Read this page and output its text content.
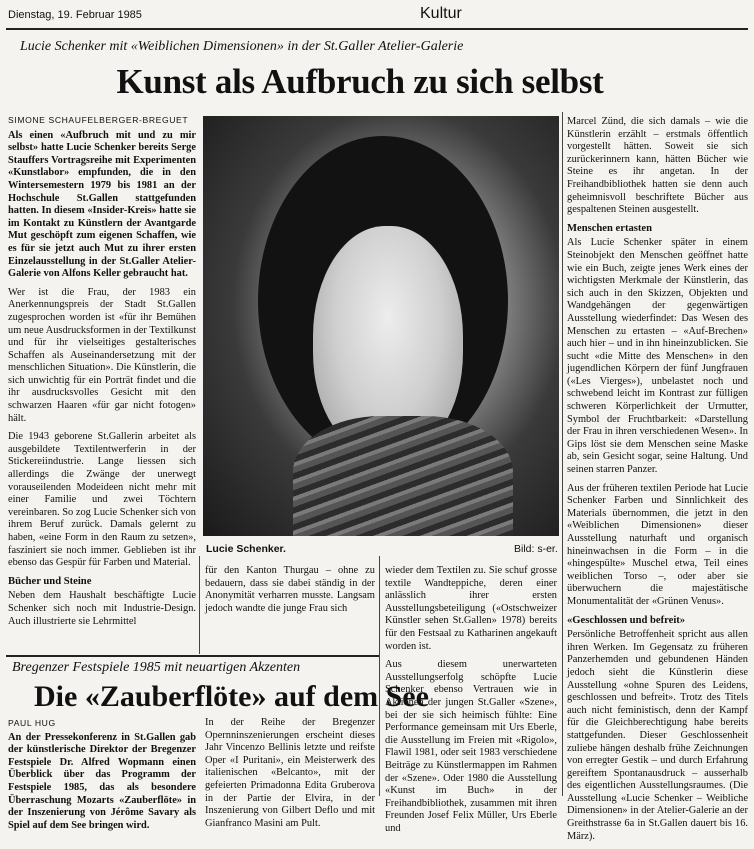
Dienstag, 19. Februar 1985	Kultur
Lucie Schenker mit «Weiblichen Dimensionen» in der St.Galler Atelier-Galerie
Kunst als Aufbruch zu sich selbst
SIMONE SCHAUFELBERGER-BREGUET

Als einen «Aufbruch mit und zu mir selbst» hatte Lucie Schenker bereits Serge Stauffers Vortragsreihe mit Experimenten «Kunstlabor» empfunden, die in den Wintersemestern 1979 bis 1981 an der Hochschule St.Gallen stattgefunden hatten. In diesem «Insider-Kreis» hatte sie im Kontakt zu Künstlern der Avantgarde Mut geschöpft zum eigenen Schaffen, wie es für sie jetzt auch Mut zu ihrer ersten Einzelausstellung in der St.Galler Atelier-Galerie von Alfons Keller gebraucht hat.

Wer ist die Frau, der 1983 ein Anerkennungspreis der Stadt St.Gallen zugesprochen worden ist «für ihr Bemühen um neue Ausdrucksformen in der Textilkunst und für ihr vielseitiges gestalterisches Schaffen als Auseinandersetzung mit der menschlichen Situation». Die Künstlerin, die sich unwichtig für ein Porträt findet und die ihr ausdrucksvolles Gesicht mit den schwarzen Haaren «für gar nicht fotogen» hält.

Die 1943 geborene St.Gallerin arbeitet als ausgebildete Textilentwerferin in der Stickereiindustrie. Lange liessen sich allerdings die Zwänge der unerwegt vorauseilenden Modeideen nicht mehr mit einer Familie und zwei Töchtern vereinbaren. So zog Lucie Schenker sich von ihrem Beruf zurück. Damals gelernt zu haben, «eine Form in den Raum zu setzen», fasziniert sie noch immer. Geblieben ist ihr ebenso das Gespür für Farben und Material.

Bücher und Steine

Neben dem Haushalt beschäftigte Lucie Schenker sich noch mit Industrie-Design. Auch illustrierte sie Lehrmittel

Lucie Schenker.	Bild: s-er.

für den Kanton Thurgau – ohne zu bedauern, dass sie dabei ständig in der Anonymität verharren musste. Langsam jedoch wandte die junge Frau sich

wieder dem Textilen zu. Sie schuf grosse textile Wandteppiche, deren einer anlässlich ihrer ersten Ausstellungsbeteiligung («Ostschweizer Künstler sehen St.Gallen» 1978) bereits für den Festsaal zu Katharinen angekauft worden ist.

Aus diesem unerwarteten Ausstellungserfolg schöpfte Lucie Schenker ebenso Vertrauen wie in Aktionen der jungen St.Galler «Szene», bei der sie sich heimisch fühlte: Eine Performance gemeinsam mit Urs Eberle, die Ausstellung im Freien mit «Rigolo», Flawil 1981, oder seit 1983 verschiedene Beiträge zu Künstlermappen im Rahmen der «Szene». Oder 1980 die Ausstellung «Kunst im Buch» in der Freihandbibliothek, zusammen mit ihren Freunden Josef Felix Müller, Urs Eberle und

Marcel Zünd, die sich damals – wie die Künstlerin erzählt – erstmals öffentlich vorgestellt hätten. Soweit sie sich zurückerinnern kann, hätten Bücher wie Steine es ihr angetan. In der Freihandbibliothek hatten sie denn auch geheimnisvoll beschriftete Bücher aus gespaltenen Steinen ausgestellt.

Menschen ertasten

Als Lucie Schenker später in einem Steinobjekt den Menschen geöffnet hatte wie ein Buch, zeigte jenes Werk eines der wichtigsten Merkmale der Künstlerin, das sich auch in den Skizzen, Objekten und Wandgehängen der gegenwärtigen Ausstellung wiederfindet: Das Wesen des Menschen zu ertasten – «Auf-Brechen» auch hier – und in ihn hineinzublicken. Sie sucht «die Mitte des Menschen» in den jugendlichen Körpern der fünf Jungfrauen («Les Vierges»), unbelastet noch und schwebend leicht im Kontrast zur fülligen schweren Körperlichkeit der Urmutter, Symbol der Fruchtbarkeit: «Darstellung der Frau in ihren verschiedenen Wesen». In Gips löst sie dem Menschen seine Maske ab, sein Gesicht sogar, seine Haltung. Und seinen starren Panzer.

Aus der früheren textilen Periode hat Lucie Schenker Farben und Sinnlichkeit des Materials übernommen, die jetzt in den «Weiblichen Dimensionen» dieser Ausstellung naturhaft und organisch hineinwachsen in die Form – in die «hingespülte» Muschel etwa, Teil eines weiblichen Torso –, oder aber sie überwuchern die majestätische Monumentalität der «Grünen Venus».

«Geschlossen und befreit»

Persönliche Betroffenheit spricht aus allen ihren Werken. Im Gegensatz zu früheren Panzerhemden und gebundenen Händen jedoch sieht die Künstlerin diese Ausstellung «ohne Spuren des Leidens, geschlossen und befreit». Trotz des Titels auch nicht feministisch, denn der Kampf für die Gleichberechtigung habe bereits stattgefunden. Dieser Geschlossenheit zuliebe hängen deshalb frühe Zeichnungen von erregter Gestik – und durch Erfahrung gereiftem Spontanausdruck – ausserhalb des eigentlichen Ausstellungsraumes. (Die Ausstellung «Lucie Schenker – Weibliche Dimensionen» in der Atelier-Galerie an der Greithstrasse 6a in St.Gallen dauert bis 16. März).

Bregenzer Festspiele 1985 mit neuartigen Akzenten
Die «Zauberflöte» auf dem See
PAUL HUG

An der Pressekonferenz in St.Gallen gab der künstlerische Direktor der Bregenzer Festspiele Dr. Alfred Wopmann einen Überblick über das Programm der Festspiele 1985, das als besondere Überraschung Mozarts «Zauberflöte» in der Inszenierung von Jérôme Savary als Spiel auf dem See bringen wird.

In der Reihe der Bregenzer Opernninszenierungen erscheint dieses Jahr Vincenzo Bellinis letzte und reifste Oper «I Puritani», ein Meisterwerk des italienischen «Belcanto», mit der gefeierten Primadonna Edita Gruberova in der Partie der Elvira, in der Inszenierung von Gilbert Deflo und mit Gianfranco Masini am Pult.
